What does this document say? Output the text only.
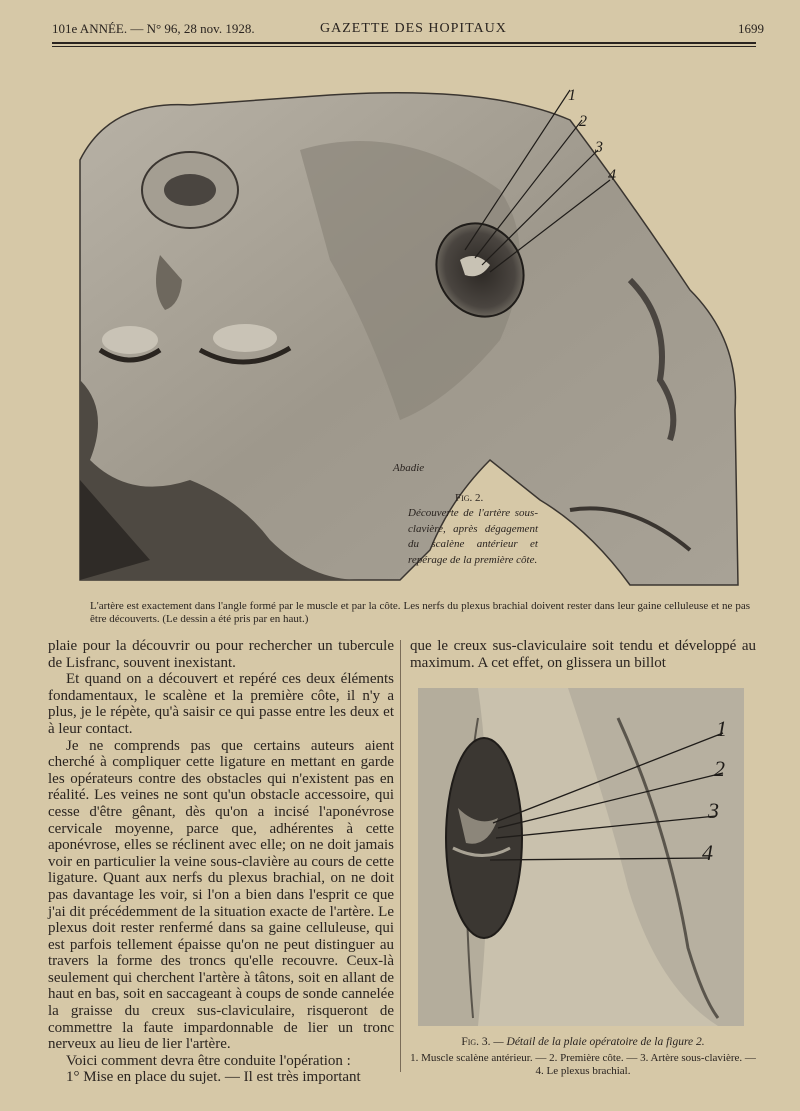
101e ANNÉE. — N° 96, 28 nov. 1928.	GAZETTE DES HOPITAUX	1699
1
2
3
4
Abadie
Fig. 2.
Découverte de l'artère sous-clavière, après dégagement du scalène antérieur et repérage de la première côte.
L'artère est exactement dans l'angle formé par le muscle et par la côte. Les nerfs du plexus brachial doivent rester dans leur gaine celluleuse et ne pas être découverts. (Le dessin a été pris par en haut.)

plaie pour la découvrir ou pour rechercher un tubercule de Lisfranc, souvent inexistant.

Et quand on a découvert et repéré ces deux éléments fondamentaux, le scalène et la première côte, il n'y a plus, je le répète, qu'à saisir ce qui passe entre les deux et à leur contact.

Je ne comprends pas que certains auteurs aient cherché à compliquer cette ligature en mettant en garde les opérateurs contre des obstacles qui n'existent pas en réalité. Les veines ne sont qu'un obstacle accessoire, qui cesse d'être gênant, dès qu'on a incisé l'aponévrose cervicale moyenne, parce que, adhérentes à cette aponévrose, elles se réclinent avec elle; on ne doit jamais voir en particulier la veine sous-clavière au cours de cette ligature. Quant aux nerfs du plexus brachial, on ne doit pas davantage les voir, si l'on a bien dans l'esprit ce que j'ai dit précédemment de la situation exacte de l'artère. Le plexus doit rester renfermé dans sa gaine celluleuse, qui est parfois tellement épaisse qu'on ne peut distinguer au travers la forme des troncs qu'elle recouvre. Ceux-là seulement qui cherchent l'artère à tâtons, soit en allant de haut en bas, soit en saccageant à coups de sonde cannelée la graisse du creux sus-claviculaire, risqueront de commettre la faute impardonnable de lier un tronc nerveux au lieu de lier l'artère.

Voici comment devra être conduite l'opération :

1° Mise en place du sujet. — Il est très important

que le creux sus-claviculaire soit tendu et développé au maximum. A cet effet, on glissera un billot
1
2
3
4
Fig. 3. — Détail de la plaie opératoire de la figure 2.
1. Muscle scalène antérieur. — 2. Première côte. — 3. Artère sous-clavière. — 4. Le plexus brachial.
